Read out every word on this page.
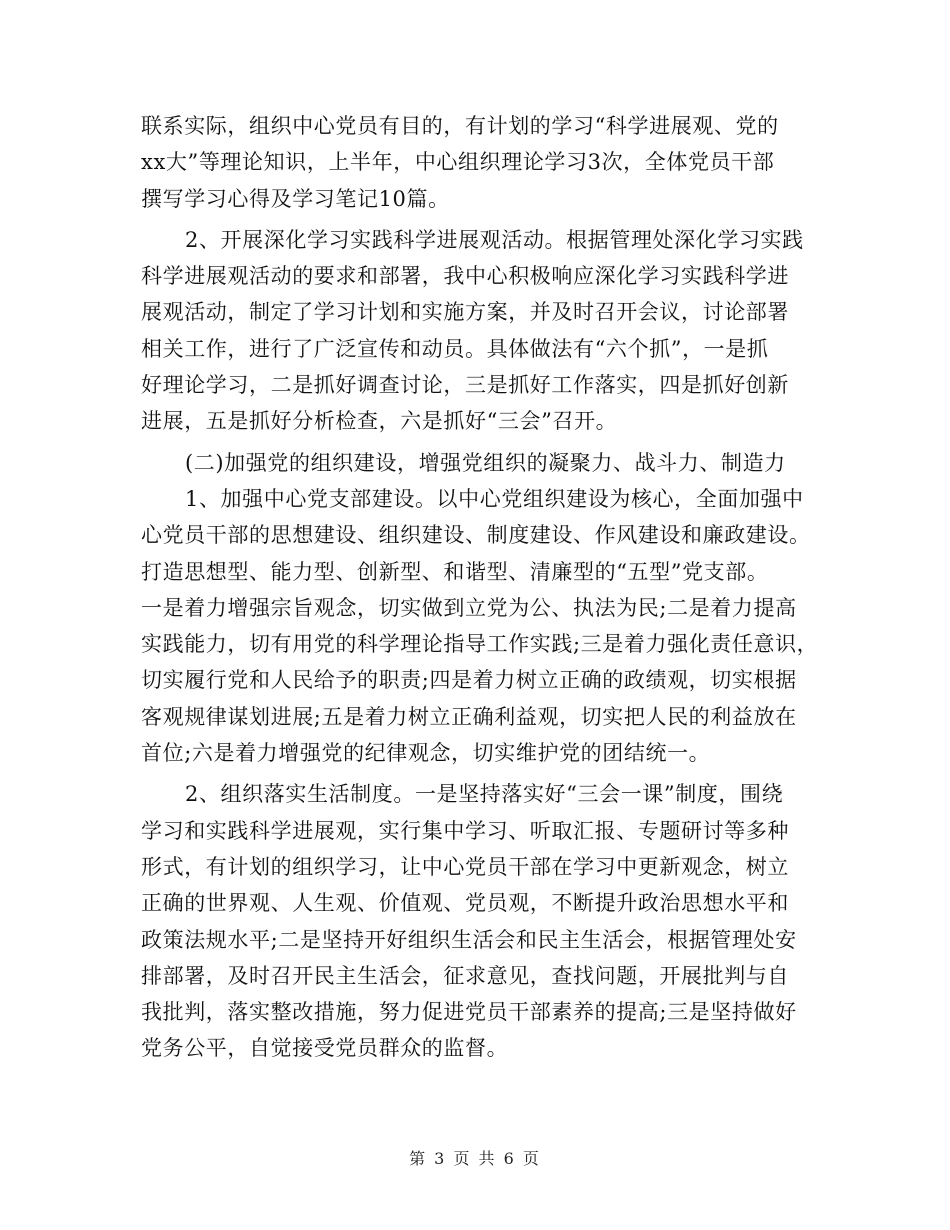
联系实际，组织中心党员有目的，有计划的学习“科学进展观、党的
xx大”等理论知识，上半年，中心组织理论学习3次，全体党员干部
撰写学习心得及学习笔记10篇。
2、开展深化学习实践科学进展观活动。根据管理处深化学习实践
科学进展观活动的要求和部署，我中心积极响应深化学习实践科学进
展观活动，制定了学习计划和实施方案，并及时召开会议，讨论部署
相关工作，进行了广泛宣传和动员。具体做法有“六个抓”，一是抓
好理论学习，二是抓好调查讨论，三是抓好工作落实，四是抓好创新
进展，五是抓好分析检查，六是抓好“三会”召开。
(二)加强党的组织建设，增强党组织的凝聚力、战斗力、制造力
1、加强中心党支部建设。以中心党组织建设为核心，全面加强中
心党员干部的思想建设、组织建设、制度建设、作风建设和廉政建设。
打造思想型、能力型、创新型、和谐型、清廉型的“五型”党支部。
一是着力增强宗旨观念，切实做到立党为公、执法为民;二是着力提高
实践能力，切有用党的科学理论指导工作实践;三是着力强化责任意识，
切实履行党和人民给予的职责;四是着力树立正确的政绩观，切实根据
客观规律谋划进展;五是着力树立正确利益观，切实把人民的利益放在
首位;六是着力增强党的纪律观念，切实维护党的团结统一。
2、组织落实生活制度。一是坚持落实好“三会一课”制度，围绕
学习和实践科学进展观，实行集中学习、听取汇报、专题研讨等多种
形式，有计划的组织学习，让中心党员干部在学习中更新观念，树立
正确的世界观、人生观、价值观、党员观，不断提升政治思想水平和
政策法规水平;二是坚持开好组织生活会和民主生活会，根据管理处安
排部署，及时召开民主生活会，征求意见，查找问题，开展批判与自
我批判，落实整改措施，努力促进党员干部素养的提高;三是坚持做好
党务公平，自觉接受党员群众的监督。
第 3 页 共 6 页
